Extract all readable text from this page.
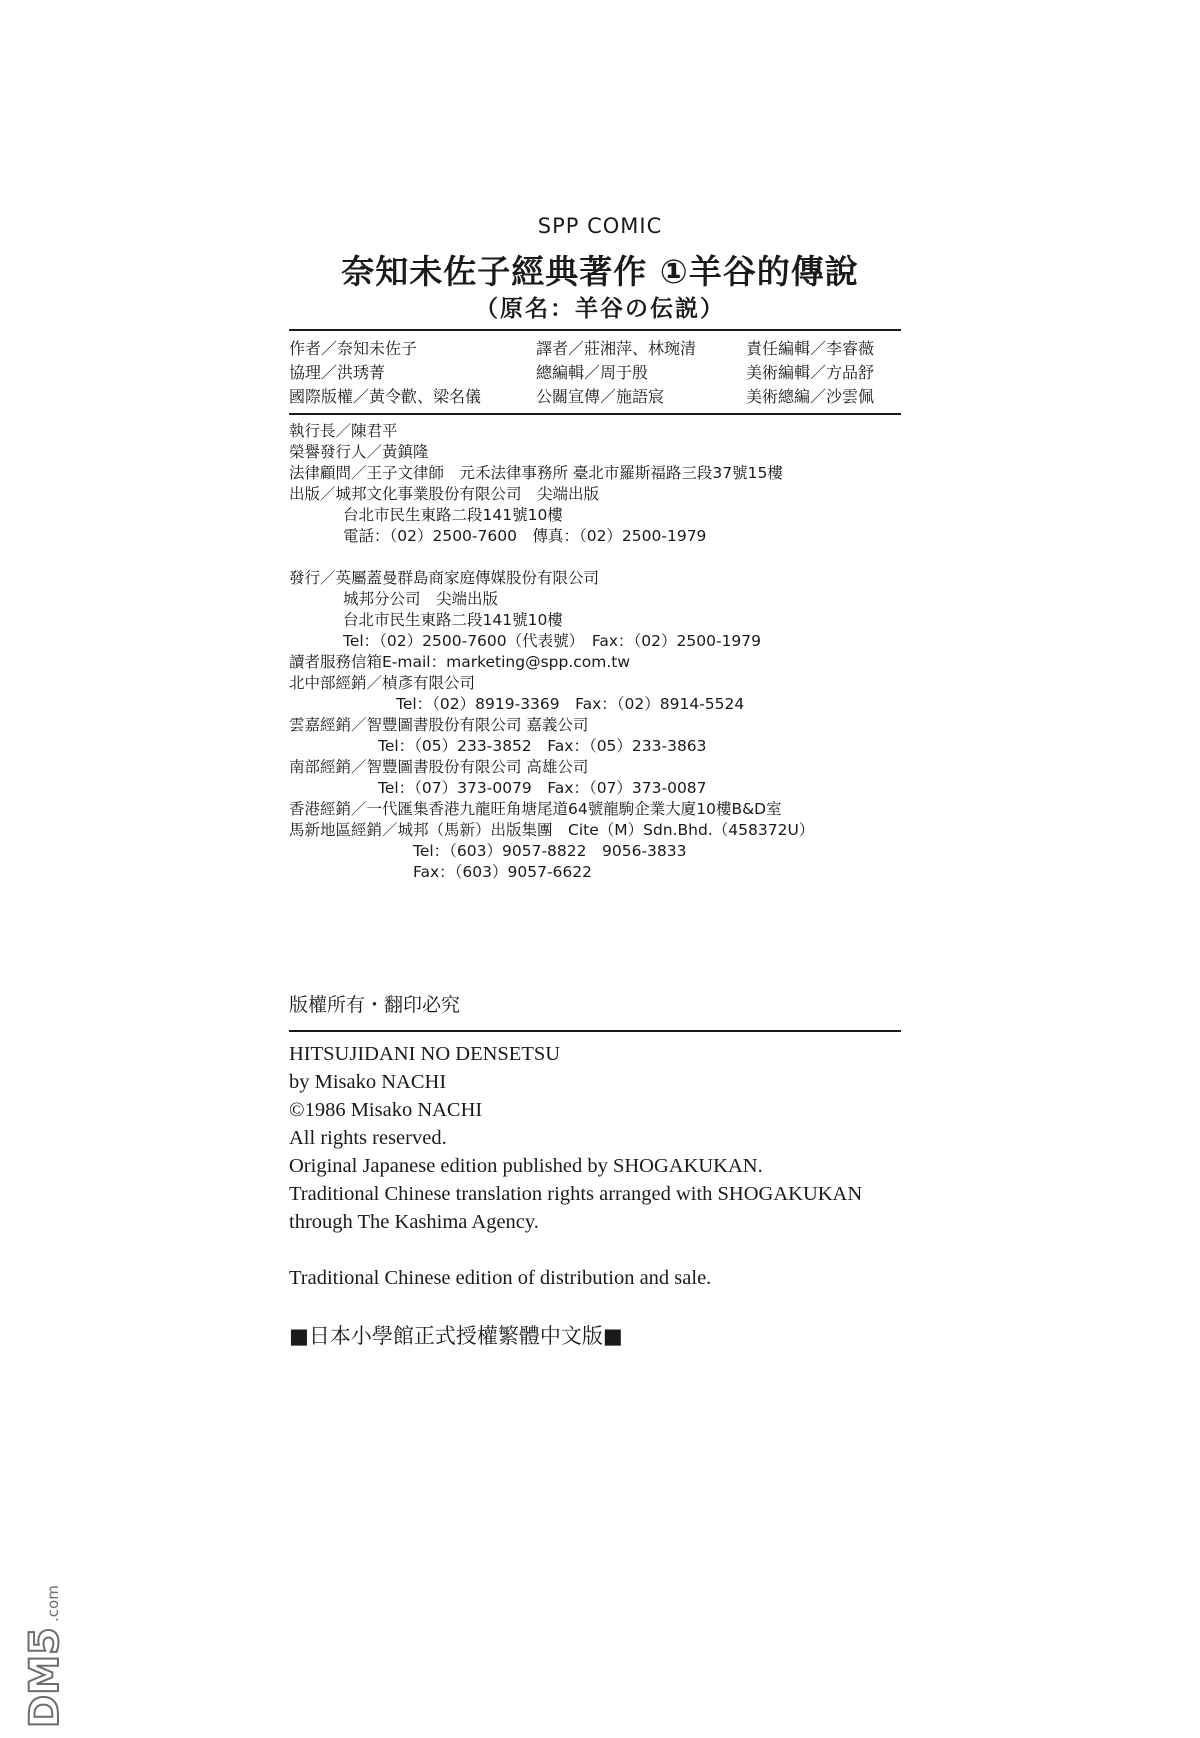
SPP COMIC
奈知未佐子經典著作 ①羊谷的傳說
（原名：羊谷の伝説）
作者／奈知未佐子
協理／洪琇菁
國際版權／黃令歡、梁名儀
譯者／莊湘萍、林琬清
總編輯／周于殷
公關宣傳／施語宸
責任編輯／李睿薇
美術編輯／方品舒
美術總編／沙雲佩
執行長／陳君平
榮譽發行人／黃鎮隆
法律顧問／王子文律師　元禾法律事務所 臺北市羅斯福路三段37號15樓
出版／城邦文化事業股份有限公司　尖端出版
台北市民生東路二段141號10樓
電話：（02）2500-7600　傳真：（02）2500-1979
發行／英屬蓋曼群島商家庭傳媒股份有限公司
城邦分公司　尖端出版
台北市民生東路二段141號10樓
Tel：（02）2500-7600（代表號）　Fax：（02）2500-1979
讀者服務信箱E-mail：marketing@spp.com.tw
北中部經銷／楨彥有限公司
Tel：（02）8919-3369　Fax：（02）8914-5524
雲嘉經銷／智豐圖書股份有限公司 嘉義公司
Tel：（05）233-3852　Fax：（05）233-3863
南部經銷／智豐圖書股份有限公司 高雄公司
Tel：（07）373-0079　Fax：（07）373-0087
香港經銷／一代匯集香港九龍旺角塘尾道64號龍駒企業大廈10樓B&D室
馬新地區經銷／城邦（馬新）出版集團　Cite（M）Sdn.Bhd.（458372U）
Tel：（603）9057-8822　9056-3833
Fax：（603）9057-6622
版權所有・翻印必究
HITSUJIDANI NO DENSETSU
by Misako NACHI
©1986 Misako NACHI
All rights reserved.
Original Japanese edition published by SHOGAKUKAN.
Traditional Chinese translation rights arranged with SHOGAKUKAN
through The Kashima Agency.
Traditional Chinese edition of distribution and sale.
■日本小學館正式授權繁體中文版■
DM5
.com
